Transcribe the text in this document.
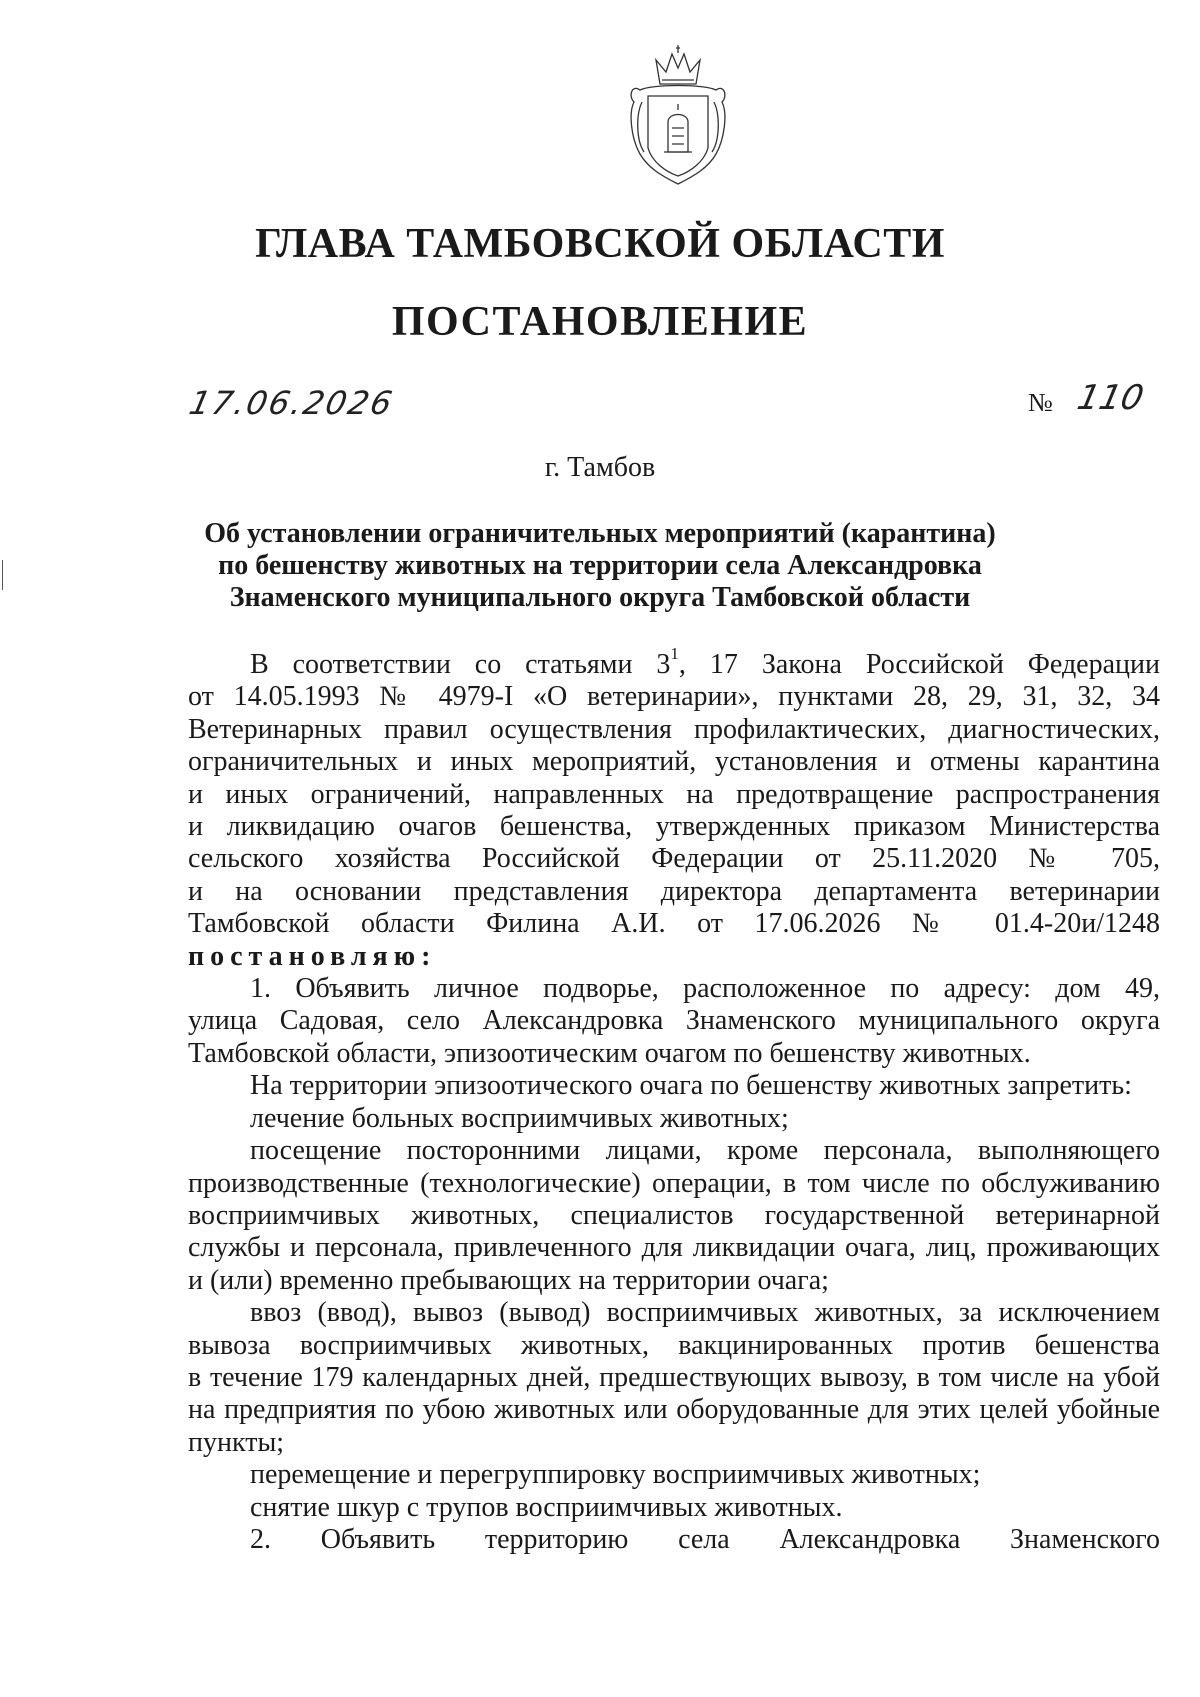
ГЛАВА ТАМБОВСКОЙ ОБЛАСТИ
ПОСТАНОВЛЕНИЕ
17.06.2026	№ 110
г. Тамбов
Об установлении ограничительных мероприятий (карантина)
по бешенству животных на территории села Александровка
Знаменского муниципального округа Тамбовской области
В соответствии со статьями $3^1$, 17 Закона Российской Федерации
от 14.05.1993 № 4979-I «О ветеринарии», пунктами 28, 29, 31, 32, 34
Ветеринарных правил осуществления профилактических, диагностических,
ограничительных и иных мероприятий, установления и отмены карантина
и иных ограничений, направленных на предотвращение распространения
и ликвидацию очагов бешенства, утвержденных приказом Министерства
сельского хозяйства Российской Федерации от 25.11.2020 № 705,
и на основании представления директора департамента ветеринарии
Тамбовской области Филина А.И. от 17.06.2026 № 01.4-20и/1248
постановляю:
1. Объявить личное подворье, расположенное по адресу: дом 49,
улица Садовая, село Александровка Знаменского муниципального округа
Тамбовской области, эпизоотическим очагом по бешенству животных.
На территории эпизоотического очага по бешенству животных запретить:
лечение больных восприимчивых животных;
посещение посторонними лицами, кроме персонала, выполняющего
производственные (технологические) операции, в том числе по обслуживанию
восприимчивых животных, специалистов государственной ветеринарной
службы и персонала, привлеченного для ликвидации очага, лиц, проживающих
и (или) временно пребывающих на территории очага;
ввоз (ввод), вывоз (вывод) восприимчивых животных, за исключением
вывоза восприимчивых животных, вакцинированных против бешенства
в течение 179 календарных дней, предшествующих вывозу, в том числе на убой
на предприятия по убою животных или оборудованные для этих целей убойные
пункты;
перемещение и перегруппировку восприимчивых животных;
снятие шкур с трупов восприимчивых животных.
2. Объявить территорию села Александровка Знаменского
